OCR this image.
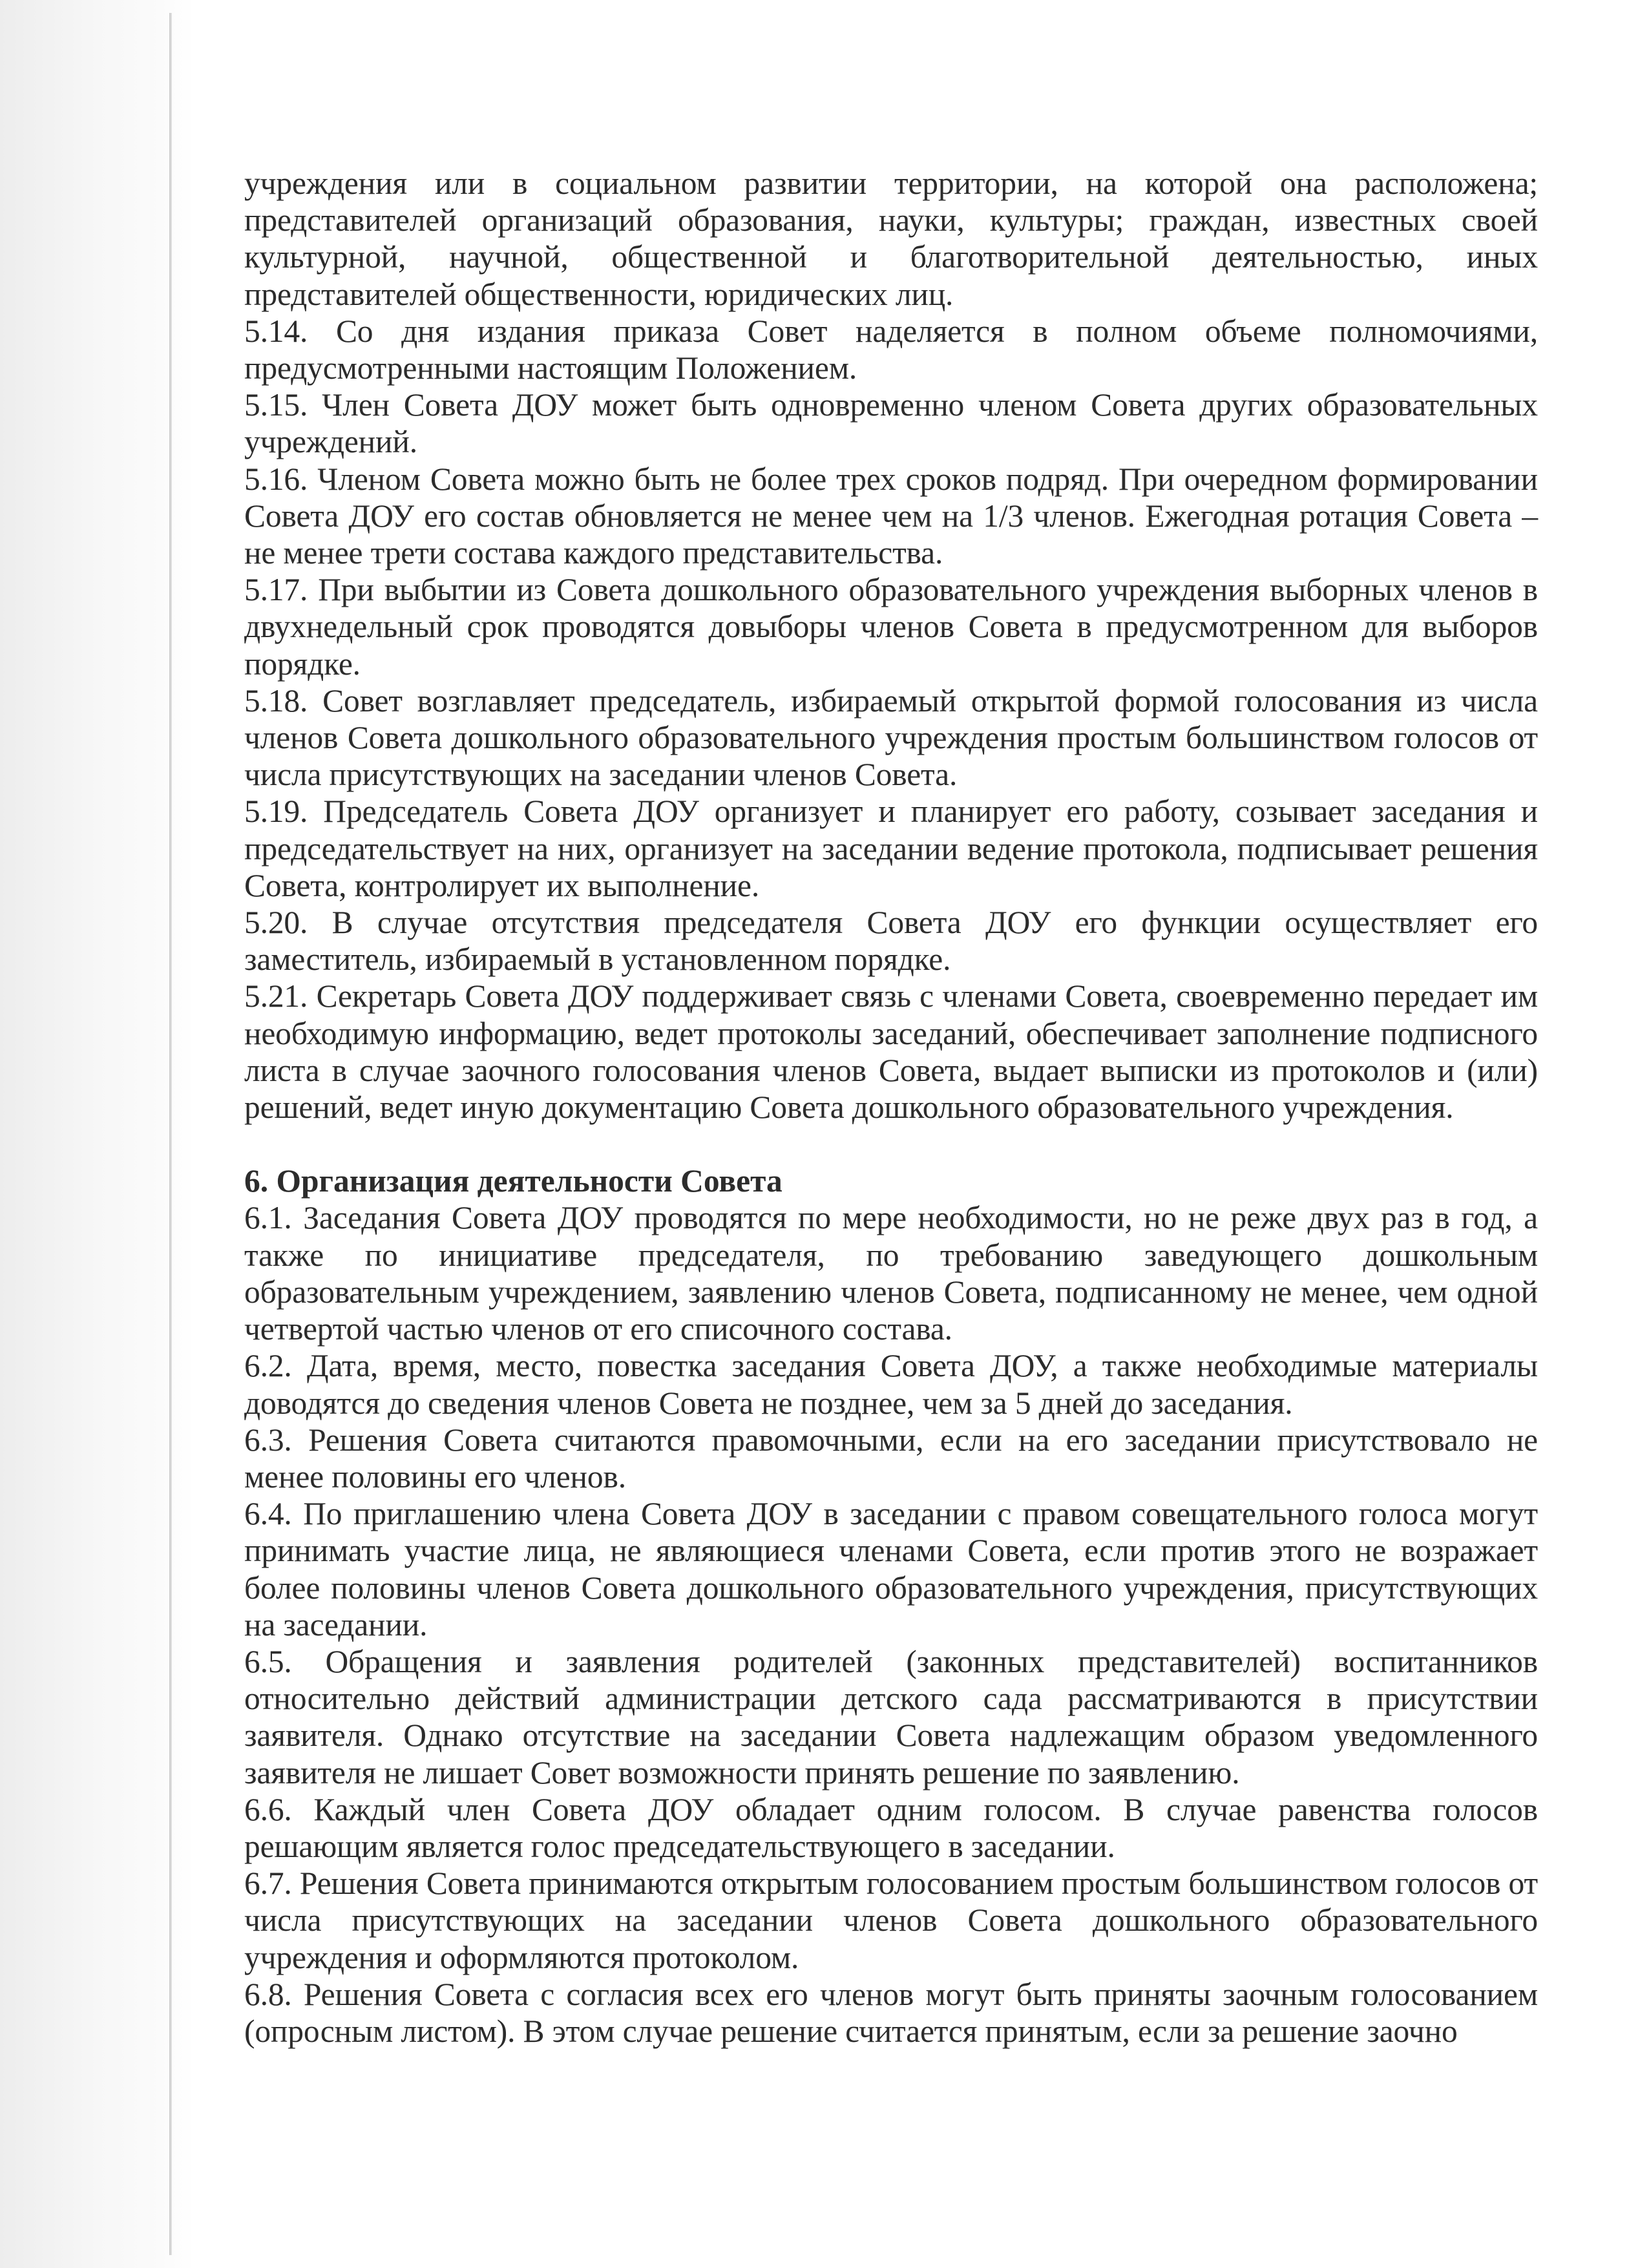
учреждения или в социальном развитии территории, на которой она расположена; представителей организаций образования, науки, культуры; граждан, известных своей культурной, научной, общественной и благотворительной деятельностью, иных представителей общественности, юридических лиц.

5.14. Со дня издания приказа Совет наделяется в полном объеме полномочиями, предусмотренными настоящим Положением.

5.15. Член Совета ДОУ может быть одновременно членом Совета других образовательных учреждений.

5.16. Членом Совета можно быть не более трех сроков подряд. При очередном формировании Совета ДОУ его состав обновляется не менее чем на 1/3 членов. Ежегодная ротация Совета – не менее трети состава каждого представительства.

5.17. При выбытии из Совета дошкольного образовательного учреждения выборных членов в двухнедельный срок проводятся довыборы членов Совета в предусмотренном для выборов порядке.

5.18. Совет возглавляет председатель, избираемый открытой формой голосования из числа членов Совета дошкольного образовательного учреждения простым большинством голосов от числа присутствующих на заседании членов Совета.

5.19. Председатель Совета ДОУ организует и планирует его работу, созывает заседания и председательствует на них, организует на заседании ведение протокола, подписывает решения Совета, контролирует их выполнение.

5.20. В случае отсутствия председателя Совета ДОУ его функции осуществляет его заместитель, избираемый в установленном порядке.

5.21. Секретарь Совета ДОУ поддерживает связь с членами Совета, своевременно передает им необходимую информацию, ведет протоколы заседаний, обеспечивает заполнение подписного листа в случае заочного голосования членов Совета, выдает выписки из протоколов и (или) решений, ведет иную документацию Совета дошкольного образовательного учреждения.

6. Организация деятельности Совета

6.1. Заседания Совета ДОУ проводятся по мере необходимости, но не реже двух раз в год, а также по инициативе председателя, по требованию заведующего дошкольным образовательным учреждением, заявлению членов Совета, подписанному не менее, чем одной четвертой частью членов от его списочного состава.

6.2. Дата, время, место, повестка заседания Совета ДОУ, а также необходимые материалы доводятся до сведения членов Совета не позднее, чем за 5 дней до заседания.

6.3. Решения Совета считаются правомочными, если на его заседании присутствовало не менее половины его членов.

6.4. По приглашению члена Совета ДОУ в заседании с правом совещательного голоса могут принимать участие лица, не являющиеся членами Совета, если против этого не возражает более половины членов Совета дошкольного образовательного учреждения, присутствующих на заседании.

6.5. Обращения и заявления родителей (законных представителей) воспитанников относительно действий администрации детского сада рассматриваются в присутствии заявителя. Однако отсутствие на заседании Совета надлежащим образом уведомленного заявителя не лишает Совет возможности принять решение по заявлению.

6.6. Каждый член Совета ДОУ обладает одним голосом. В случае равенства голосов решающим является голос председательствующего в заседании.

6.7. Решения Совета принимаются открытым голосованием простым большинством голосов от числа присутствующих на заседании членов Совета дошкольного образовательного учреждения и оформляются протоколом.

6.8. Решения Совета с согласия всех его членов могут быть приняты заочным голосованием (опросным листом). В этом случае решение считается принятым, если за решение заочно
